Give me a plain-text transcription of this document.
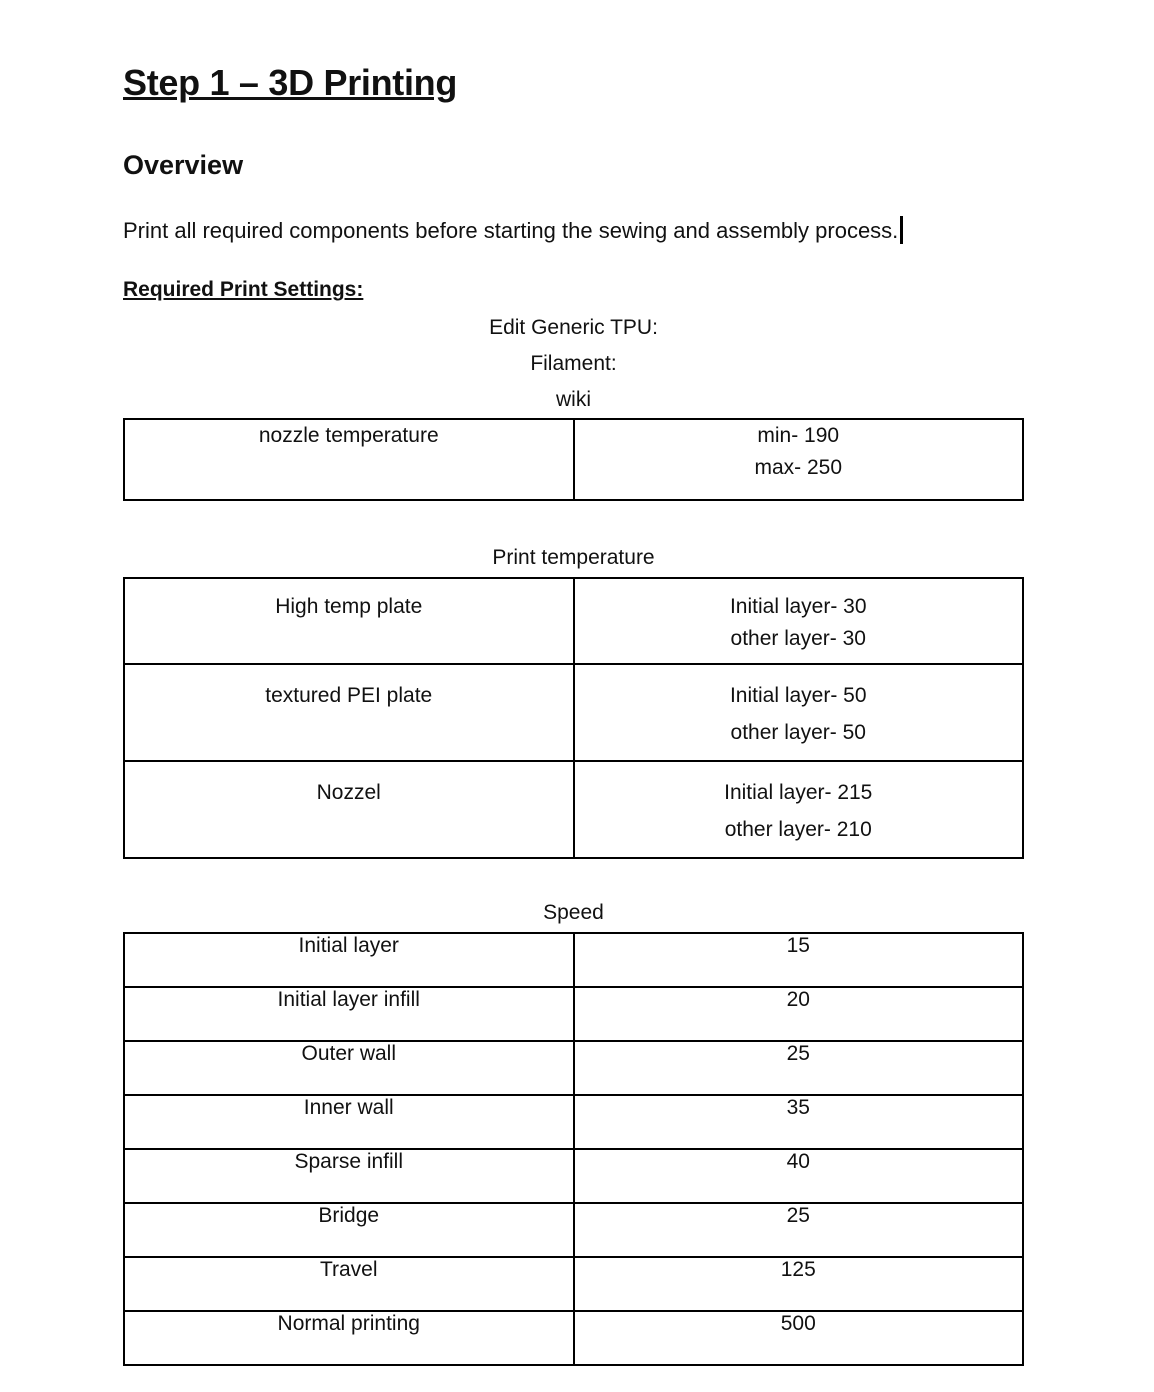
Step 1 – 3D Printing
Overview

Print all required components before starting the sewing and assembly process.

Required Print Settings:
Edit Generic TPU:
Filament:
wiki
nozzle temperature	min- 190
max- 250
Print temperature
High temp plate	Initial layer- 30
other layer- 30

textured PEI plate	Initial layer- 50
other layer- 50

Nozzel	Initial layer- 215
other layer- 210
Speed
Initial layer	15
Initial layer infill	20
Outer wall	25
Inner wall	35
Sparse infill	40
Bridge	25
Travel	125
Normal printing	500
